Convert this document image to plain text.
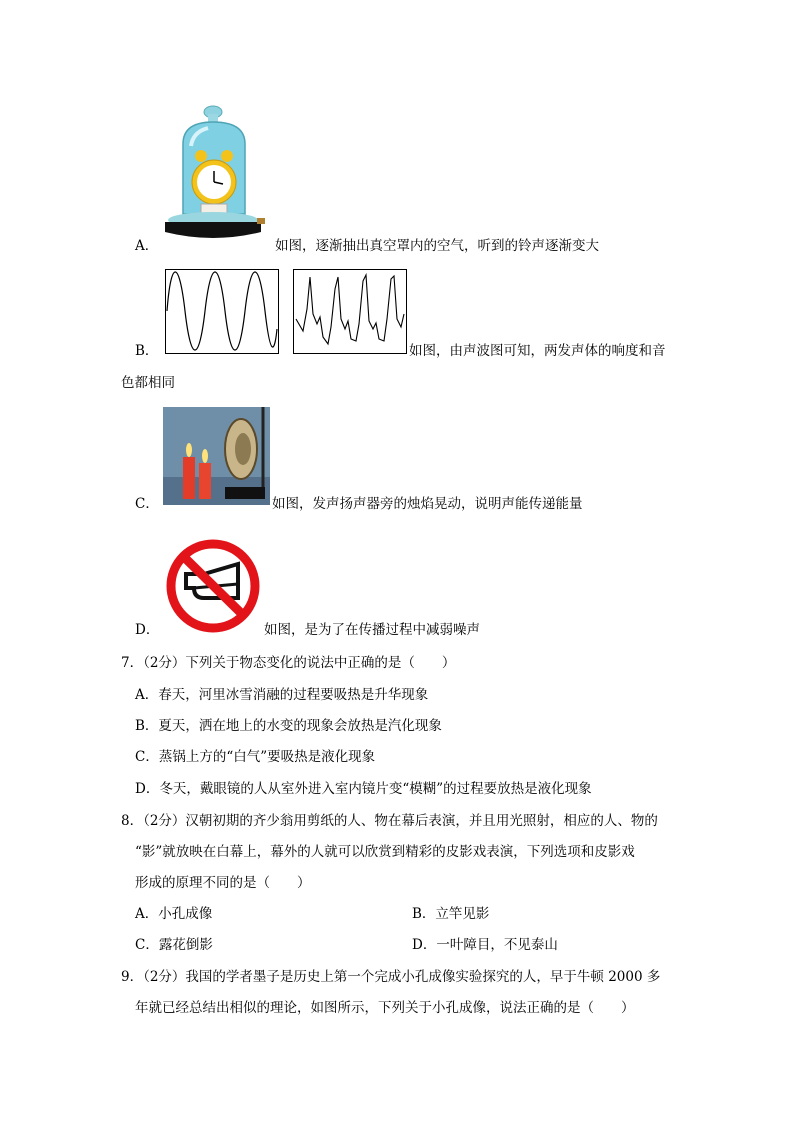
A．	如图，逐渐抽出真空罩内的空气，听到的铃声逐渐变大
B．	如图，由声波图可知，两发声体的响度和音
色都相同
C．	如图，发声扬声器旁的烛焰晃动，说明声能传递能量
D．	如图，是为了在传播过程中减弱噪声
7．（2分）下列关于物态变化的说法中正确的是（　　）
A．春天，河里冰雪消融的过程要吸热是升华现象
B．夏天，洒在地上的水变的现象会放热是汽化现象
C．蒸锅上方的“白气”要吸热是液化现象
D．冬天，戴眼镜的人从室外进入室内镜片变“模糊”的过程要放热是液化现象
8．（2分）汉朝初期的齐少翁用剪纸的人、物在幕后表演，并且用光照射，相应的人、物的
“影”就放映在白幕上，幕外的人就可以欣赏到精彩的皮影戏表演，下列选项和皮影戏
形成的原理不同的是（　　）
A．小孔成像	B．立竿见影
C．露花倒影	D．一叶障目，不见泰山
9．（2分）我国的学者墨子是历史上第一个完成小孔成像实验探究的人，早于牛顿 2000 多
年就已经总结出相似的理论，如图所示，下列关于小孔成像，说法正确的是（　　）
